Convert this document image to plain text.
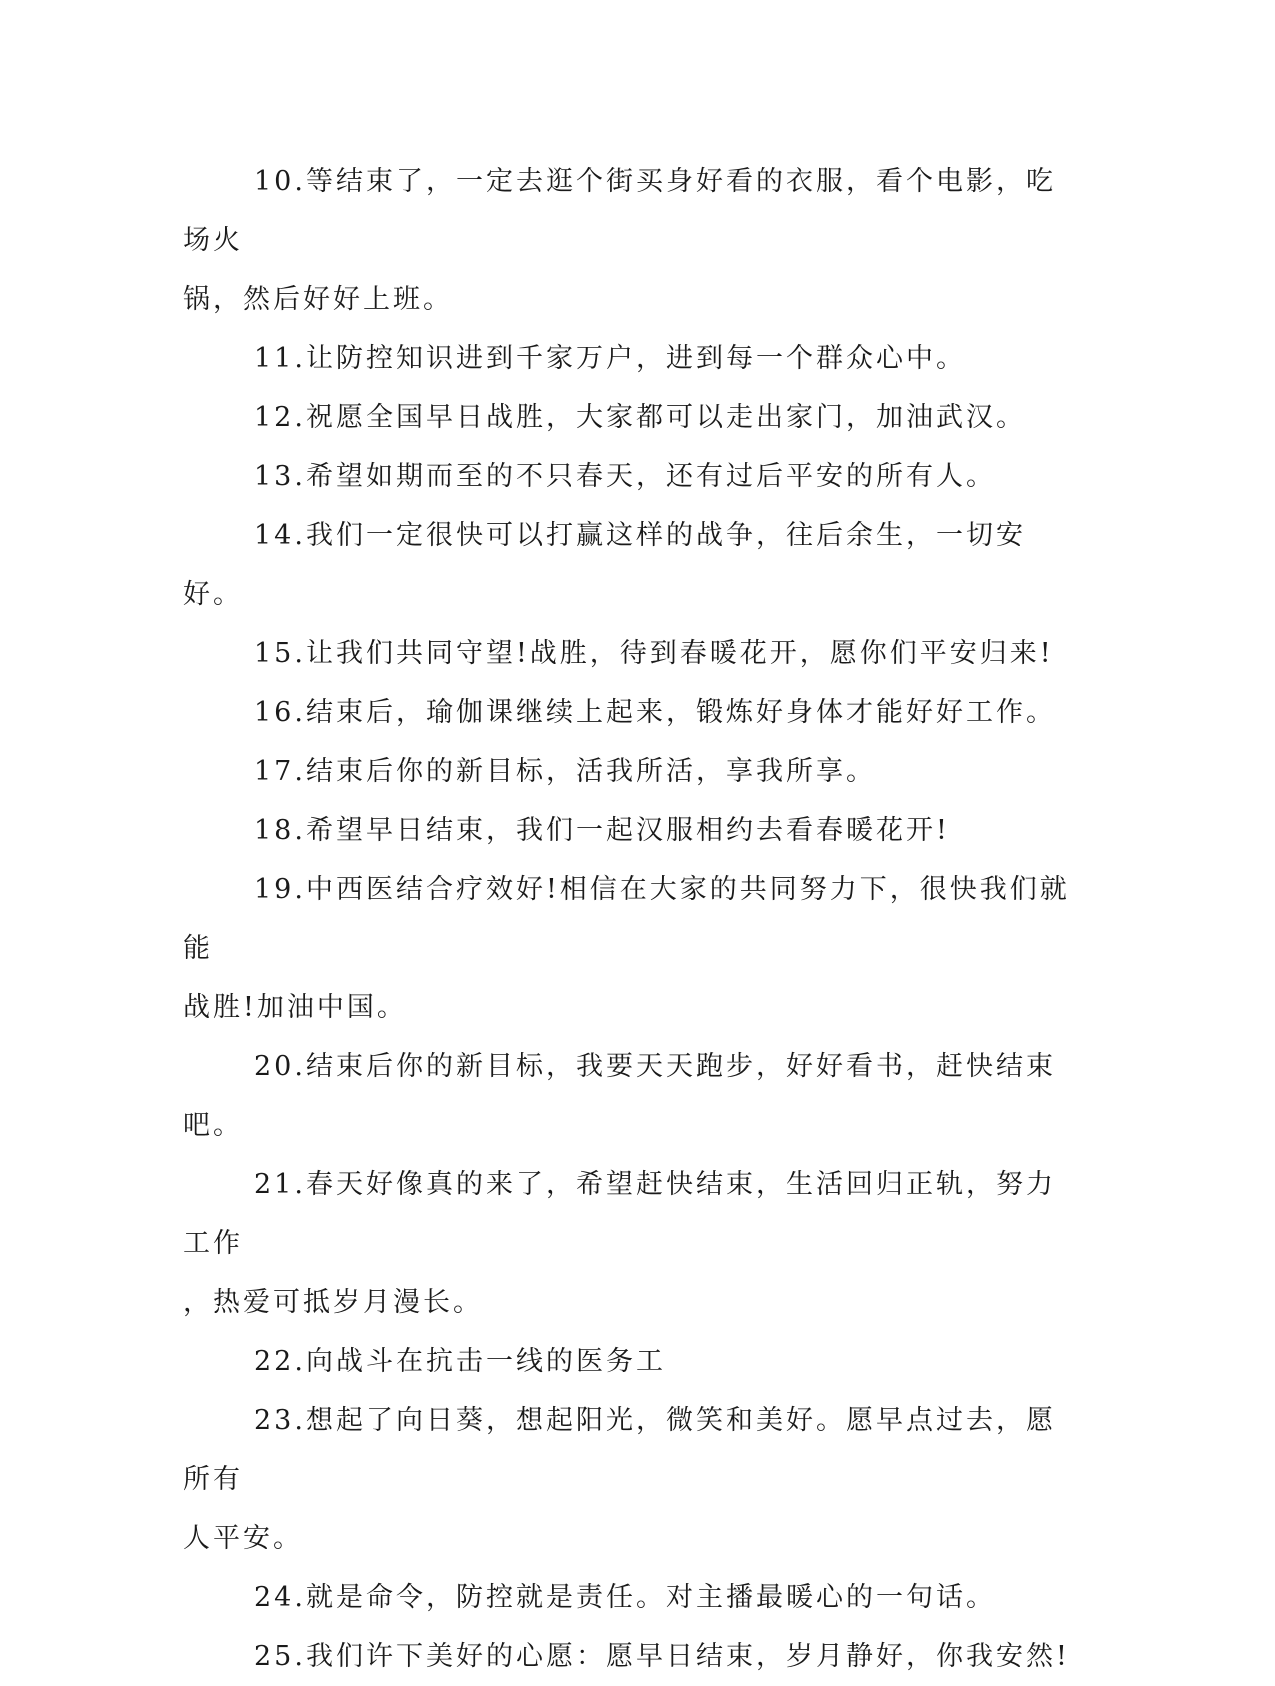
10.等结束了，一定去逛个街买身好看的衣服，看个电影，吃场火
锅，然后好好上班。

11.让防控知识进到千家万户，进到每一个群众心中。

12.祝愿全国早日战胜，大家都可以走出家门，加油武汉。

13.希望如期而至的不只春天，还有过后平安的所有人。

14.我们一定很快可以打赢这样的战争，往后余生，一切安好。

15.让我们共同守望!战胜，待到春暖花开，愿你们平安归来!

16.结束后，瑜伽课继续上起来，锻炼好身体才能好好工作。

17.结束后你的新目标，活我所活，享我所享。

18.希望早日结束，我们一起汉服相约去看春暖花开!

19.中西医结合疗效好!相信在大家的共同努力下，很快我们就能
战胜!加油中国。

20.结束后你的新目标，我要天天跑步，好好看书，赶快结束吧。

21.春天好像真的来了，希望赶快结束，生活回归正轨，努力工作
，热爱可抵岁月漫长。

22.向战斗在抗击一线的医务工

23.想起了向日葵，想起阳光，微笑和美好。愿早点过去，愿所有
人平安。

24.就是命令，防控就是责任。对主播最暖心的一句话。

25.我们许下美好的心愿：愿早日结束，岁月静好，你我安然!
